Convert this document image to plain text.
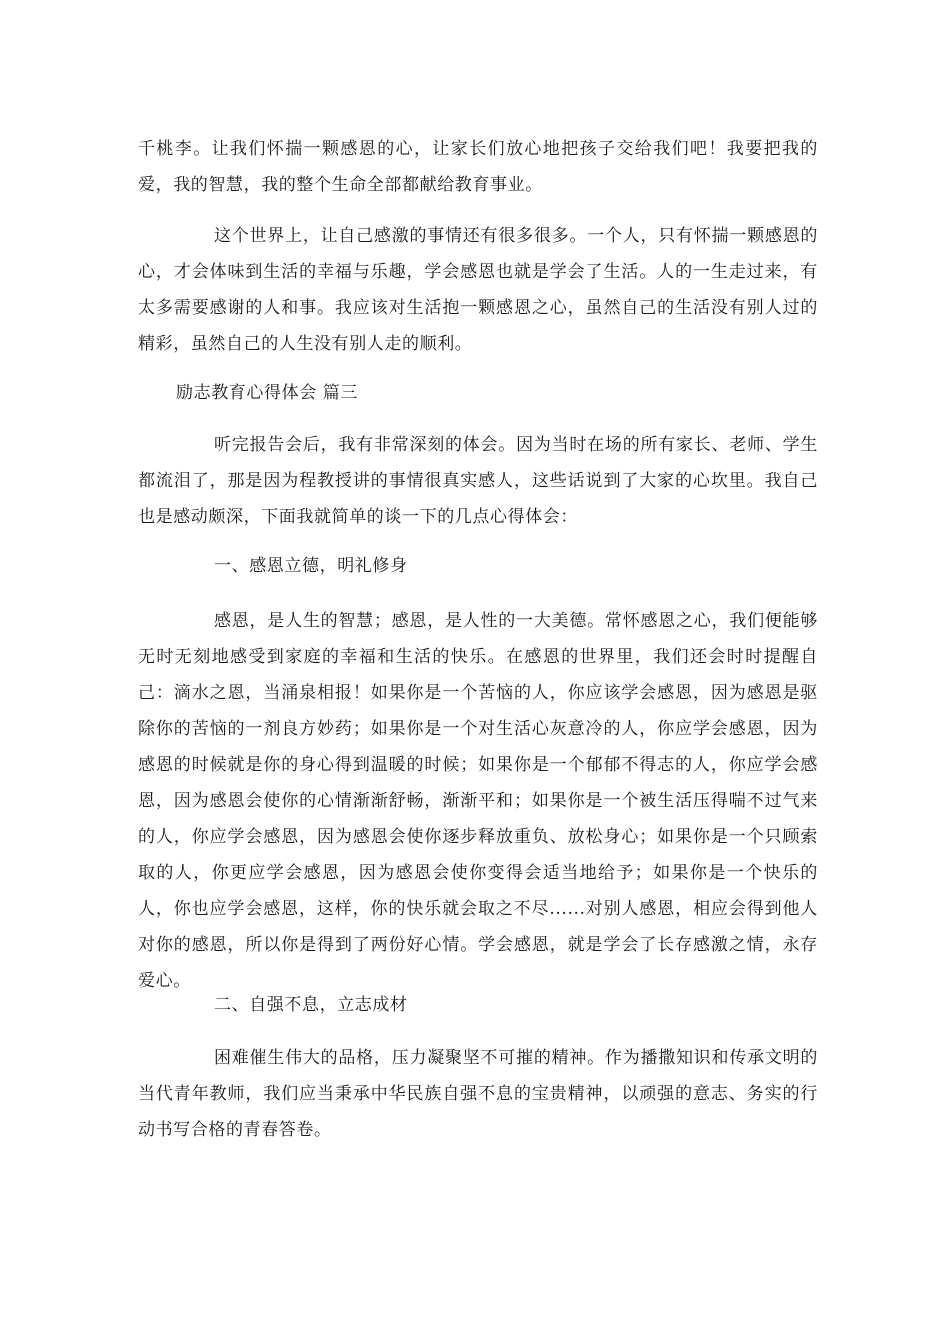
千桃李。让我们怀揣一颗感恩的心，让家长们放心地把孩子交给我们吧！我要把我的爱，我的智慧，我的整个生命全部都献给教育事业。

这个世界上，让自己感激的事情还有很多很多。一个人，只有怀揣一颗感恩的心，才会体味到生活的幸福与乐趣，学会感恩也就是学会了生活。人的一生走过来，有太多需要感谢的人和事。我应该对生活抱一颗感恩之心，虽然自己的生活没有别人过的精彩，虽然自己的人生没有别人走的顺利。

励志教育心得体会 篇三

听完报告会后，我有非常深刻的体会。因为当时在场的所有家长、老师、学生都流泪了，那是因为程教授讲的事情很真实感人，这些话说到了大家的心坎里。我自己也是感动颇深，下面我就简单的谈一下的几点心得体会：

一、感恩立德，明礼修身

感恩，是人生的智慧；感恩，是人性的一大美德。常怀感恩之心，我们便能够无时无刻地感受到家庭的幸福和生活的快乐。在感恩的世界里，我们还会时时提醒自己：滴水之恩，当涌泉相报！如果你是一个苦恼的人，你应该学会感恩，因为感恩是驱除你的苦恼的一剂良方妙药；如果你是一个对生活心灰意冷的人，你应学会感恩，因为感恩的时候就是你的身心得到温暖的时候；如果你是一个郁郁不得志的人，你应学会感恩，因为感恩会使你的心情渐渐舒畅，渐渐平和；如果你是一个被生活压得喘不过气来的人，你应学会感恩，因为感恩会使你逐步释放重负、放松身心；如果你是一个只顾索取的人，你更应学会感恩，因为感恩会使你变得会适当地给予；如果你是一个快乐的人，你也应学会感恩，这样，你的快乐就会取之不尽......对别人感恩，相应会得到他人对你的感恩，所以你是得到了两份好心情。学会感恩，就是学会了长存感激之情，永存爱心。

二、自强不息，立志成材

困难催生伟大的品格，压力凝聚坚不可摧的精神。作为播撒知识和传承文明的当代青年教师，我们应当秉承中华民族自强不息的宝贵精神，以顽强的意志、务实的行动书写合格的青春答卷。
